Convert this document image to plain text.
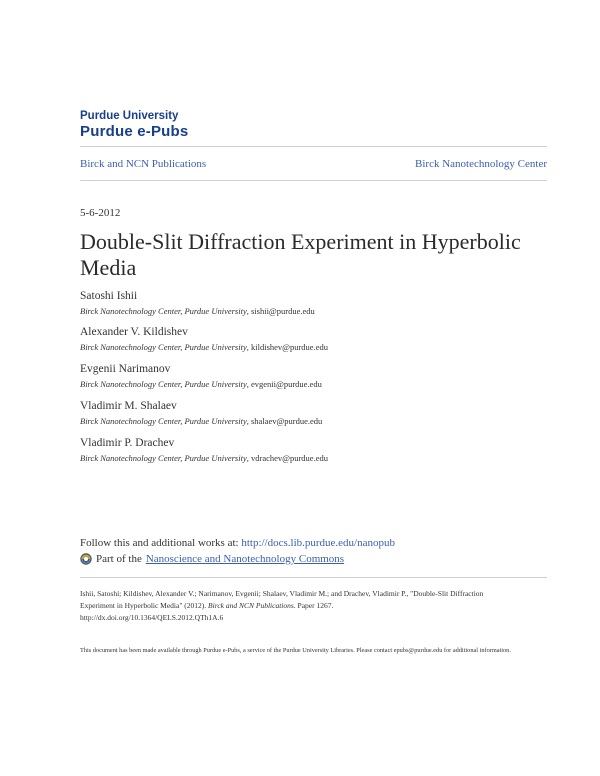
Purdue University
Purdue e-Pubs
Birck and NCN Publications	Birck Nanotechnology Center
5-6-2012
Double-Slit Diffraction Experiment in Hyperbolic Media
Satoshi Ishii
Birck Nanotechnology Center, Purdue University, sishii@purdue.edu
Alexander V. Kildishev
Birck Nanotechnology Center, Purdue University, kildishev@purdue.edu
Evgenii Narimanov
Birck Nanotechnology Center, Purdue University, evgenii@purdue.edu
Vladimir M. Shalaev
Birck Nanotechnology Center, Purdue University, shalaev@purdue.edu
Vladimir P. Drachev
Birck Nanotechnology Center, Purdue University, vdrachev@purdue.edu
Follow this and additional works at: http://docs.lib.purdue.edu/nanopub
Part of the Nanoscience and Nanotechnology Commons
Ishii, Satoshi; Kildishev, Alexander V.; Narimanov, Evgenii; Shalaev, Vladimir M.; and Drachev, Vladimir P., "Double-Slit Diffraction Experiment in Hyperbolic Media" (2012). Birck and NCN Publications. Paper 1267.
http://dx.doi.org/10.1364/QELS.2012.QTh1A.6
This document has been made available through Purdue e-Pubs, a service of the Purdue University Libraries. Please contact epubs@purdue.edu for additional information.
